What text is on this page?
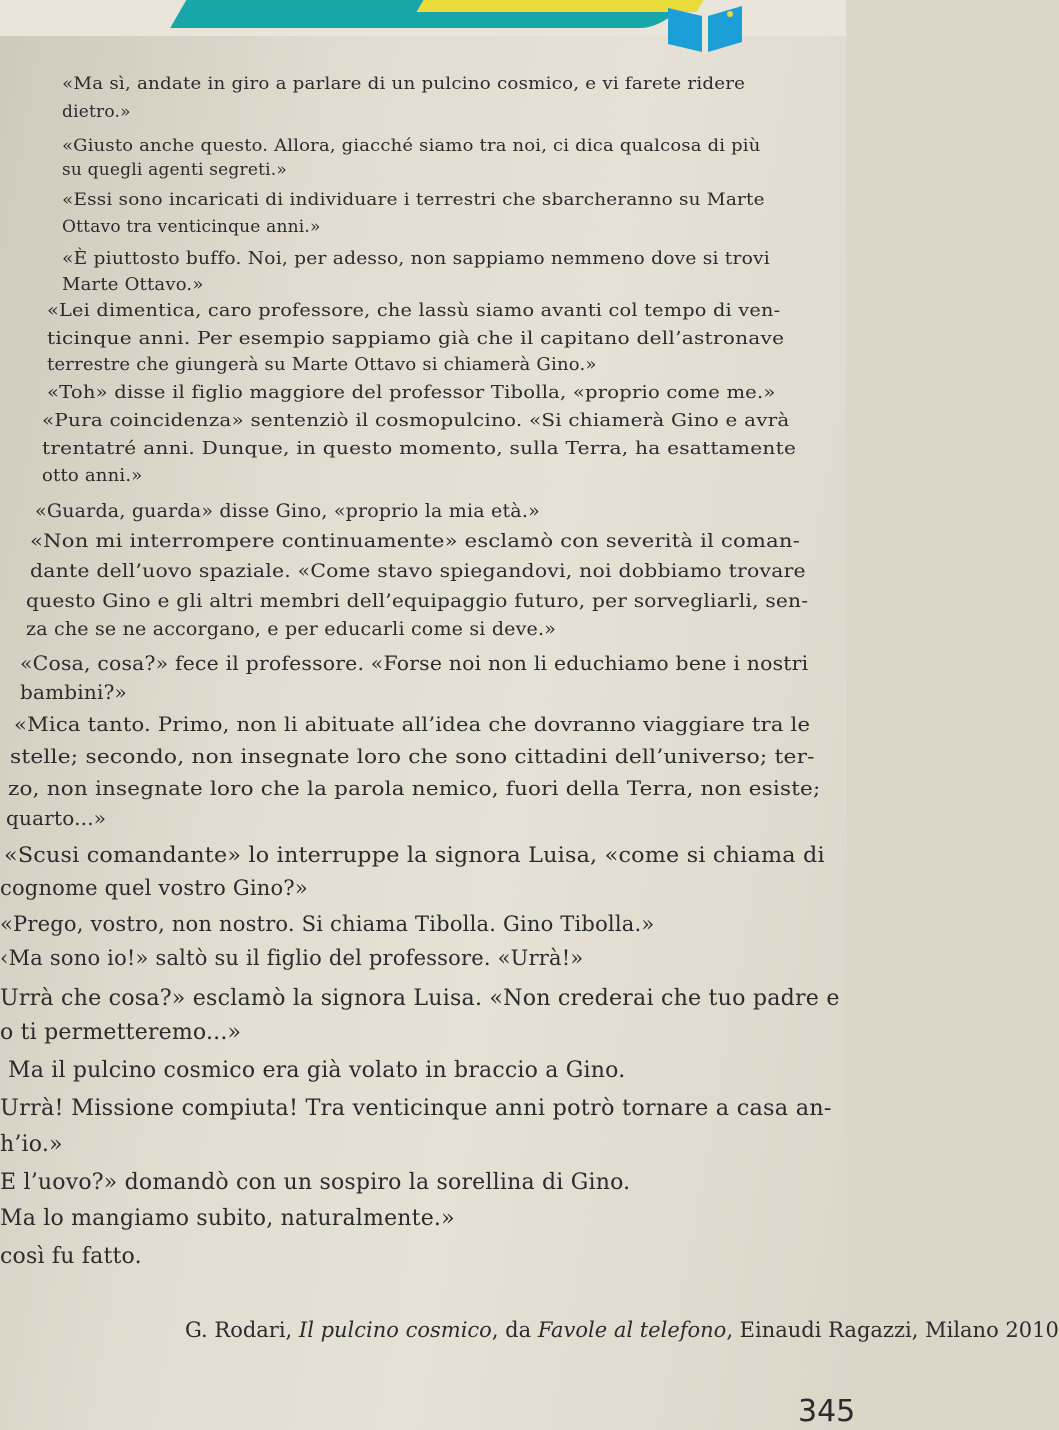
«Ma sì, andate in giro a parlare di un pulcino cosmico, e vi farete ridere
dietro.»
«Giusto anche questo. Allora, giacché siamo tra noi, ci dica qualcosa di più
su quegli agenti segreti.»
«Essi sono incaricati di individuare i terrestri che sbarcheranno su Marte
Ottavo tra venticinque anni.»
«È piuttosto buffo. Noi, per adesso, non sappiamo nemmeno dove si trovi
Marte Ottavo.»
«Lei dimentica, caro professore, che lassù siamo avanti col tempo di ven-
ticinque anni. Per esempio sappiamo già che il capitano dell’astronave
terrestre che giungerà su Marte Ottavo si chiamerà Gino.»
«Toh» disse il figlio maggiore del professor Tibolla, «proprio come me.»
«Pura coincidenza» sentenziò il cosmopulcino. «Si chiamerà Gino e avrà
trentatré anni. Dunque, in questo momento, sulla Terra, ha esattamente
otto anni.»
«Guarda, guarda» disse Gino, «proprio la mia età.»
«Non mi interrompere continuamente» esclamò con severità il coman-
dante dell’uovo spaziale. «Come stavo spiegandovi, noi dobbiamo trovare
questo Gino e gli altri membri dell’equipaggio futuro, per sorvegliarli, sen-
za che se ne accorgano, e per educarli come si deve.»
«Cosa, cosa?» fece il professore. «Forse noi non li educhiamo bene i nostri
bambini?»
«Mica tanto. Primo, non li abituate all’idea che dovranno viaggiare tra le
stelle; secondo, non insegnate loro che sono cittadini dell’universo; ter-
zo, non insegnate loro che la parola nemico, fuori della Terra, non esiste;
quarto...»
«Scusi comandante» lo interruppe la signora Luisa, «come si chiama di
cognome quel vostro Gino?»
«Prego, vostro, non nostro. Si chiama Tibolla. Gino Tibolla.»
‹Ma sono io!» saltò su il figlio del professore. «Urrà!»
Urrà che cosa?» esclamò la signora Luisa. «Non crederai che tuo padre e
o ti permetteremo...»
Ma il pulcino cosmico era già volato in braccio a Gino.
Urrà! Missione compiuta! Tra venticinque anni potrò tornare a casa an-
h’io.»
E l’uovo?» domandò con un sospiro la sorellina di Gino.
Ma lo mangiamo subito, naturalmente.»
così fu fatto.
G. Rodari, Il pulcino cosmico, da Favole al telefono, Einaudi Ragazzi, Milano 2010
345
